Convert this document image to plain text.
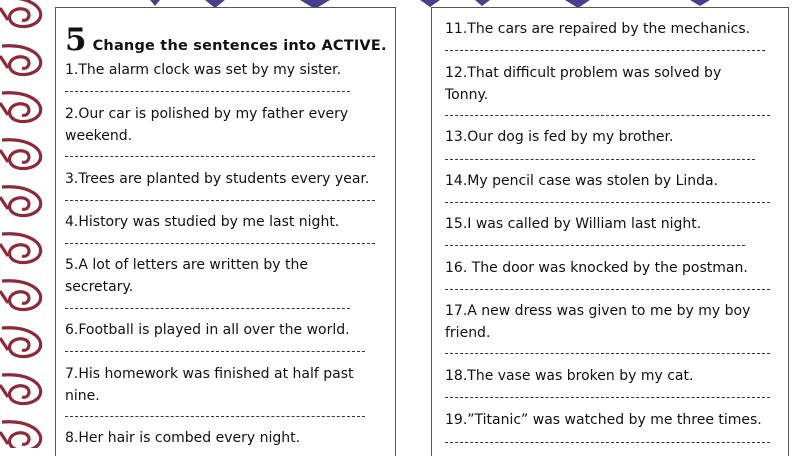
5 Change the sentences into ACTIVE.
1.The alarm clock was set by my sister.
2.Our car is polished by my father every
weekend.
3.Trees are planted by students every year.
4.History was studied by me last night.
5.A lot of letters are written by the
secretary.
6.Football is played in all over the world.
7.His homework was finished at half past
nine.
8.Her hair is combed every night.
11.The cars are repaired by the mechanics.
12.That difficult problem was solved by
Tonny.
13.Our dog is fed by my brother.
14.My pencil case was stolen by Linda.
15.I was called by William last night.
16. The door was knocked by the postman.
17.A new dress was given to me by my boy
friend.
18.The vase was broken by my cat.
19.”Titanic” was watched by me three times.
